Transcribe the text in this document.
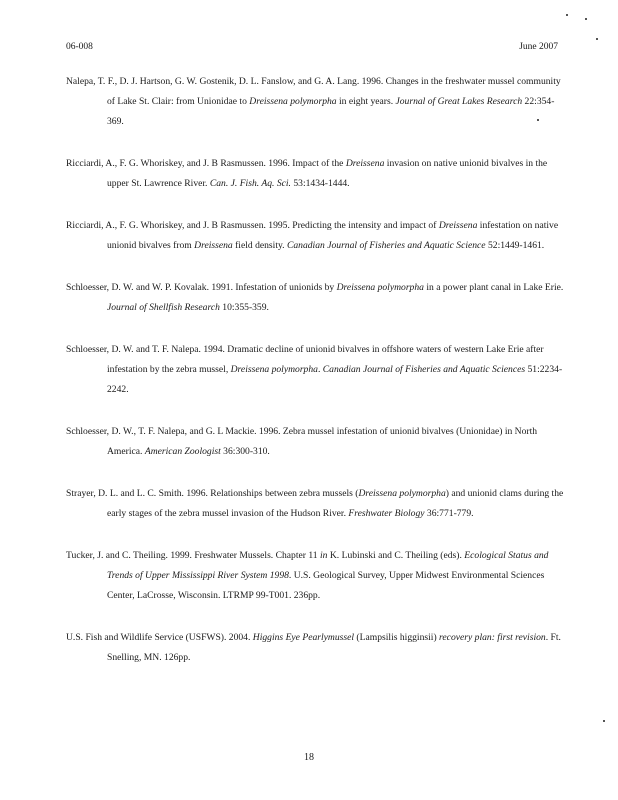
06-008	June 2007
Nalepa, T. F., D. J. Hartson, G. W. Gostenik, D. L. Fanslow, and G. A. Lang. 1996. Changes in the freshwater mussel community of Lake St. Clair: from Unionidae to Dreissena polymorpha in eight years. Journal of Great Lakes Research 22:354-369.
Ricciardi, A., F. G. Whoriskey, and J. B Rasmussen. 1996. Impact of the Dreissena invasion on native unionid bivalves in the upper St. Lawrence River. Can. J. Fish. Aq. Sci. 53:1434-1444.
Ricciardi, A., F. G. Whoriskey, and J. B Rasmussen. 1995. Predicting the intensity and impact of Dreissena infestation on native unionid bivalves from Dreissena field density. Canadian Journal of Fisheries and Aquatic Science 52:1449-1461.
Schloesser, D. W. and W. P. Kovalak. 1991. Infestation of unionids by Dreissena polymorpha in a power plant canal in Lake Erie. Journal of Shellfish Research 10:355-359.
Schloesser, D. W. and T. F. Nalepa. 1994. Dramatic decline of unionid bivalves in offshore waters of western Lake Erie after infestation by the zebra mussel, Dreissena polymorpha. Canadian Journal of Fisheries and Aquatic Sciences 51:2234-2242.
Schloesser, D. W., T. F. Nalepa, and G. L Mackie. 1996. Zebra mussel infestation of unionid bivalves (Unionidae) in North America. American Zoologist 36:300-310.
Strayer, D. L. and L. C. Smith. 1996. Relationships between zebra mussels (Dreissena polymorpha) and unionid clams during the early stages of the zebra mussel invasion of the Hudson River. Freshwater Biology 36:771-779.
Tucker, J. and C. Theiling. 1999. Freshwater Mussels. Chapter 11 in K. Lubinski and C. Theiling (eds). Ecological Status and Trends of Upper Mississippi River System 1998. U.S. Geological Survey, Upper Midwest Environmental Sciences Center, LaCrosse, Wisconsin. LTRMP 99-T001. 236pp.
U.S. Fish and Wildlife Service (USFWS). 2004. Higgins Eye Pearlymussel (Lampsilis higginsii) recovery plan: first revision. Ft. Snelling, MN. 126pp.
18
